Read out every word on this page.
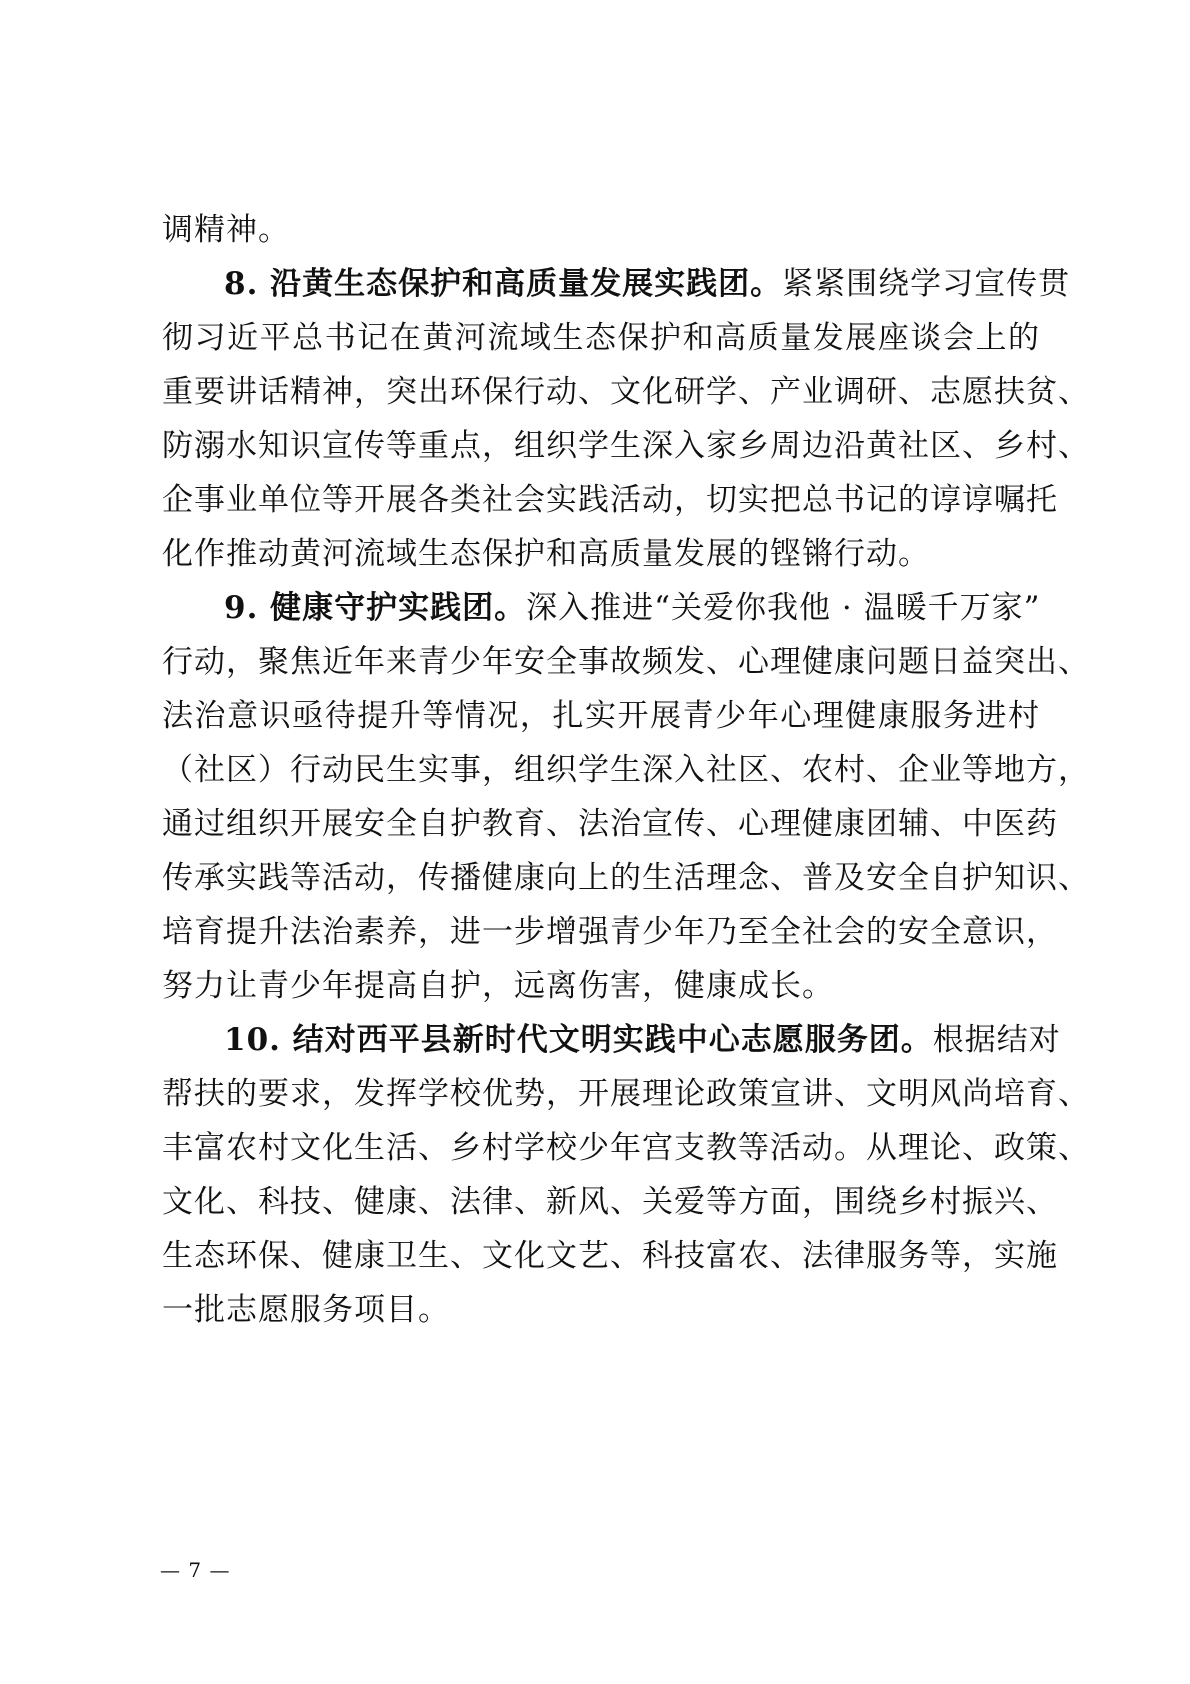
调精神。
8. 沿黄生态保护和高质量发展实践团。紧紧围绕学习宣传贯
彻习近平总书记在黄河流域生态保护和高质量发展座谈会上的
重要讲话精神，突出环保行动、文化研学、产业调研、志愿扶贫、
防溺水知识宣传等重点，组织学生深入家乡周边沿黄社区、乡村、
企事业单位等开展各类社会实践活动，切实把总书记的谆谆嘱托
化作推动黄河流域生态保护和高质量发展的铿锵行动。
9. 健康守护实践团。深入推进“关爱你我他 · 温暖千万家”
行动，聚焦近年来青少年安全事故频发、心理健康问题日益突出、
法治意识亟待提升等情况，扎实开展青少年心理健康服务进村
（社区）行动民生实事，组织学生深入社区、农村、企业等地方，
通过组织开展安全自护教育、法治宣传、心理健康团辅、中医药
传承实践等活动，传播健康向上的生活理念、普及安全自护知识、
培育提升法治素养，进一步增强青少年乃至全社会的安全意识，
努力让青少年提高自护，远离伤害，健康成长。
10. 结对西平县新时代文明实践中心志愿服务团。根据结对
帮扶的要求，发挥学校优势，开展理论政策宣讲、文明风尚培育、
丰富农村文化生活、乡村学校少年宫支教等活动。从理论、政策、
文化、科技、健康、法律、新风、关爱等方面，围绕乡村振兴、
生态环保、健康卫生、文化文艺、科技富农、法律服务等，实施
一批志愿服务项目。
— 7 —
